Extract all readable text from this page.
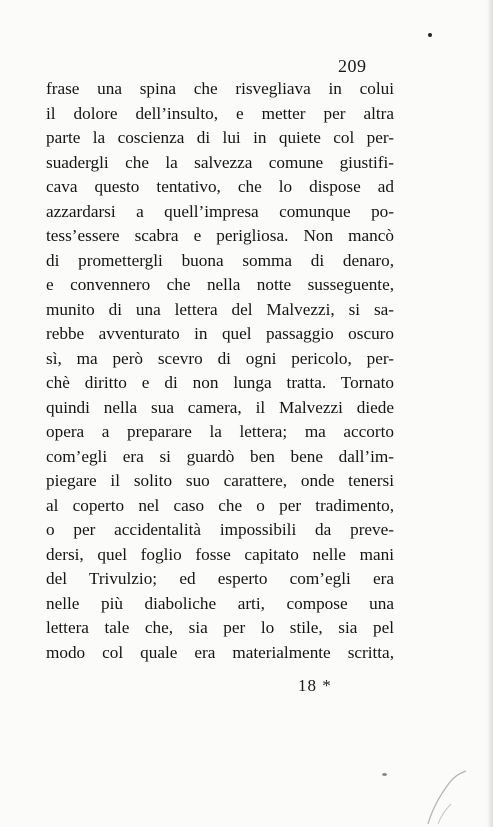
209
frase una spina che risvegliava in colui
il dolore dell’insulto, e metter per altra
parte la coscienza di lui in quiete col per-
suadergli che la salvezza comune giustifi-
cava questo tentativo, che lo dispose ad
azzardarsi a quell’impresa comunque po-
tess’essere scabra e perigliosa. Non mancò
di promettergli buona somma di denaro,
e convennero che nella notte susseguente,
munito di una lettera del Malvezzi, si sa-
rebbe avventurato in quel passaggio oscuro
sì, ma però scevro di ogni pericolo, per-
chè diritto e di non lunga tratta. Tornato
quindi nella sua camera, il Malvezzi diede
opera a preparare la lettera; ma accorto
com’egli era si guardò ben bene dall’im-
piegare il solito suo carattere, onde tenersi
al coperto nel caso che o per tradimento,
o per accidentalità impossibili da preve-
dersi, quel foglio fosse capitato nelle mani
del Trivulzio; ed esperto com’egli era
nelle più diaboliche arti, compose una
lettera tale che, sia per lo stile, sia pel
modo col quale era materialmente scritta,
18 *
